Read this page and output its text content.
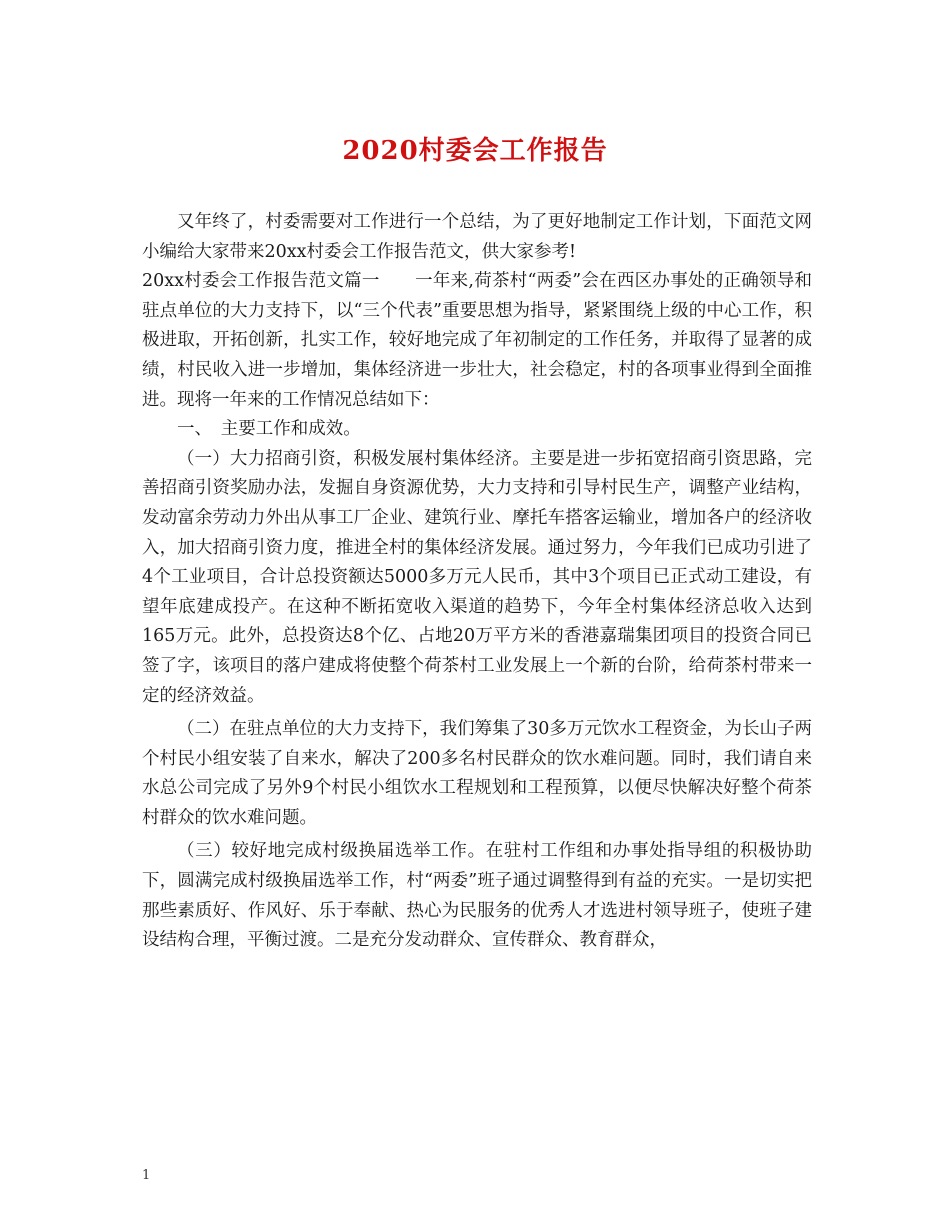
2020村委会工作报告

又年终了，村委需要对工作进行一个总结，为了更好地制定工作计划，下面范文网小编给大家带来20xx村委会工作报告范文，供大家参考!

20xx村委会工作报告范文篇一　　一年来,荷茶村“两委”会在西区办事处的正确领导和驻点单位的大力支持下，以“三个代表”重要思想为指导，紧紧围绕上级的中心工作，积极进取，开拓创新，扎实工作，较好地完成了年初制定的工作任务，并取得了显著的成绩，村民收入进一步增加，集体经济进一步壮大，社会稳定，村的各项事业得到全面推进。现将一年来的工作情况总结如下：

一、　主要工作和成效。

（一）大力招商引资，积极发展村集体经济。主要是进一步拓宽招商引资思路，完善招商引资奖励办法，发掘自身资源优势，大力支持和引导村民生产，调整产业结构，发动富余劳动力外出从事工厂企业、建筑行业、摩托车搭客运输业，增加各户的经济收入，加大招商引资力度，推进全村的集体经济发展。通过努力，今年我们已成功引进了4个工业项目，合计总投资额达5000多万元人民币，其中3个项目已正式动工建设，有望年底建成投产。在这种不断拓宽收入渠道的趋势下，今年全村集体经济总收入达到165万元。此外，总投资达8个亿、占地20万平方米的香港嘉瑞集团项目的投资合同已签了字，该项目的落户建成将使整个荷茶村工业发展上一个新的台阶，给荷茶村带来一定的经济效益。

（二）在驻点单位的大力支持下，我们筹集了30多万元饮水工程资金，为长山子两个村民小组安装了自来水，解决了200多名村民群众的饮水难问题。同时，我们请自来水总公司完成了另外9个村民小组饮水工程规划和工程预算，以便尽快解决好整个荷茶村群众的饮水难问题。

（三）较好地完成村级换届选举工作。在驻村工作组和办事处指导组的积极协助下，圆满完成村级换届选举工作，村“两委”班子通过调整得到有益的充实。一是切实把那些素质好、作风好、乐于奉献、热心为民服务的优秀人才选进村领导班子，使班子建设结构合理，平衡过渡。二是充分发动群众、宣传群众、教育群众，

1
